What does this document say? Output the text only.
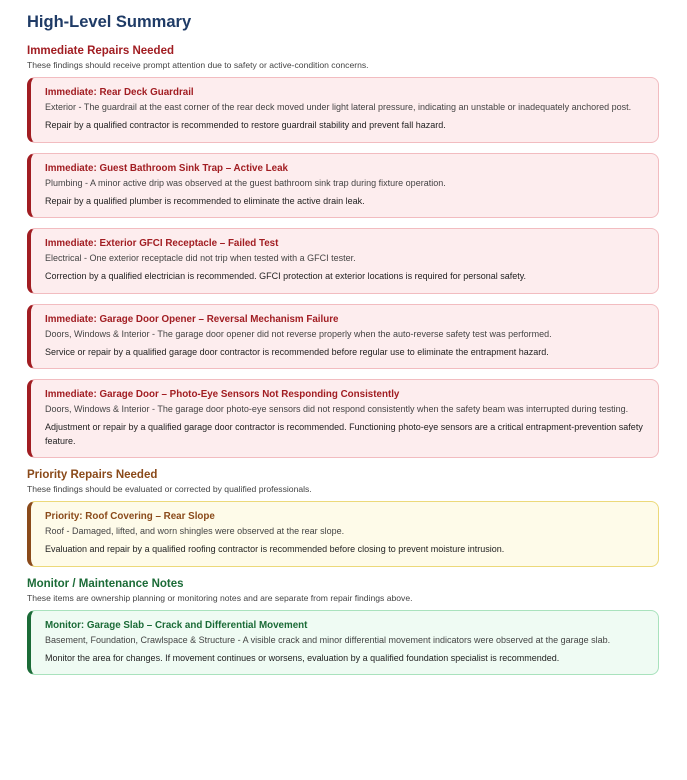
High-Level Summary
Immediate Repairs Needed

These findings should receive prompt attention due to safety or active-condition concerns.

Immediate: Rear Deck Guardrail
Exterior - The guardrail at the east corner of the rear deck moved under light lateral pressure, indicating an unstable or inadequately anchored post.
Repair by a qualified contractor is recommended to restore guardrail stability and prevent fall hazard.
Immediate: Guest Bathroom Sink Trap – Active Leak
Plumbing - A minor active drip was observed at the guest bathroom sink trap during fixture operation.
Repair by a qualified plumber is recommended to eliminate the active drain leak.
Immediate: Exterior GFCI Receptacle – Failed Test
Electrical - One exterior receptacle did not trip when tested with a GFCI tester.
Correction by a qualified electrician is recommended. GFCI protection at exterior locations is required for personal safety.
Immediate: Garage Door Opener – Reversal Mechanism Failure
Doors, Windows & Interior - The garage door opener did not reverse properly when the auto-reverse safety test was performed.
Service or repair by a qualified garage door contractor is recommended before regular use to eliminate the entrapment hazard.
Immediate: Garage Door – Photo-Eye Sensors Not Responding Consistently
Doors, Windows & Interior - The garage door photo-eye sensors did not respond consistently when the safety beam was interrupted during testing.
Adjustment or repair by a qualified garage door contractor is recommended. Functioning photo-eye sensors are a critical entrapment-prevention safety feature.
Priority Repairs Needed

These findings should be evaluated or corrected by qualified professionals.

Priority: Roof Covering – Rear Slope
Roof - Damaged, lifted, and worn shingles were observed at the rear slope.
Evaluation and repair by a qualified roofing contractor is recommended before closing to prevent moisture intrusion.
Monitor / Maintenance Notes

These items are ownership planning or monitoring notes and are separate from repair findings above.

Monitor: Garage Slab – Crack and Differential Movement
Basement, Foundation, Crawlspace & Structure - A visible crack and minor differential movement indicators were observed at the garage slab.
Monitor the area for changes. If movement continues or worsens, evaluation by a qualified foundation specialist is recommended.
